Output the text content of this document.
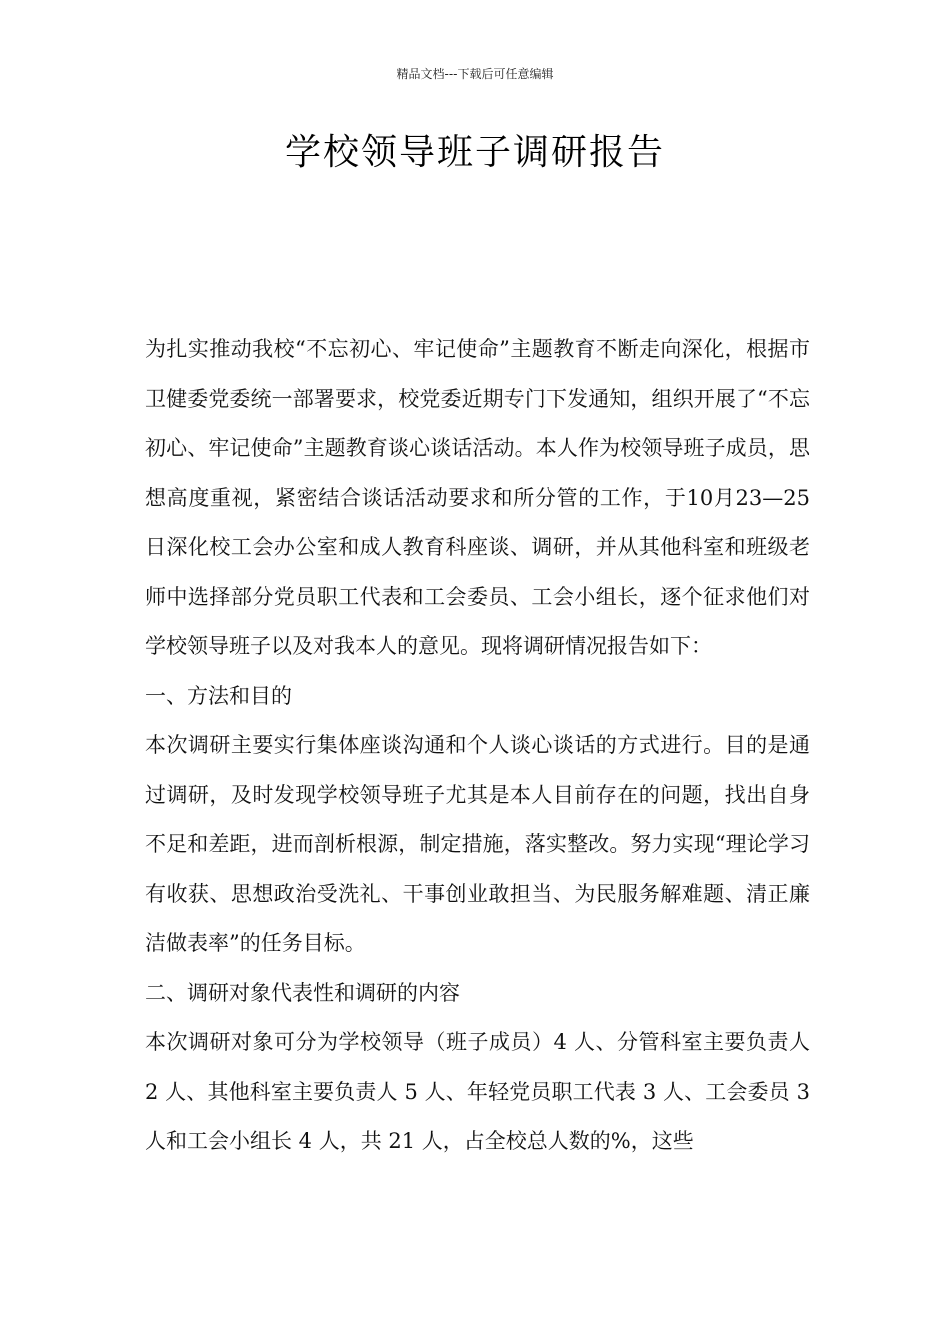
精品文档---下载后可任意编辑
学校领导班子调研报告

为扎实推动我校“不忘初心、牢记使命”主题教育不断走向深化，根据市卫健委党委统一部署要求，校党委近期专门下发通知，组织开展了“不忘初心、牢记使命”主题教育谈心谈话活动。本人作为校领导班子成员，思想高度重视，紧密结合谈话活动要求和所分管的工作，于10月23—25日深化校工会办公室和成人教育科座谈、调研，并从其他科室和班级老师中选择部分党员职工代表和工会委员、工会小组长，逐个征求他们对学校领导班子以及对我本人的意见。现将调研情况报告如下：

一、方法和目的

本次调研主要实行集体座谈沟通和个人谈心谈话的方式进行。目的是通过调研，及时发现学校领导班子尤其是本人目前存在的问题，找出自身不足和差距，进而剖析根源，制定措施，落实整改。努力实现“理论学习有收获、思想政治受洗礼、干事创业敢担当、为民服务解难题、清正廉洁做表率”的任务目标。

二、调研对象代表性和调研的内容

本次调研对象可分为学校领导（班子成员）4 人、分管科室主要负责人 2 人、其他科室主要负责人 5 人、年轻党员职工代表 3 人、工会委员 3 人和工会小组长 4 人，共 21 人，占全校总人数的%，这些
